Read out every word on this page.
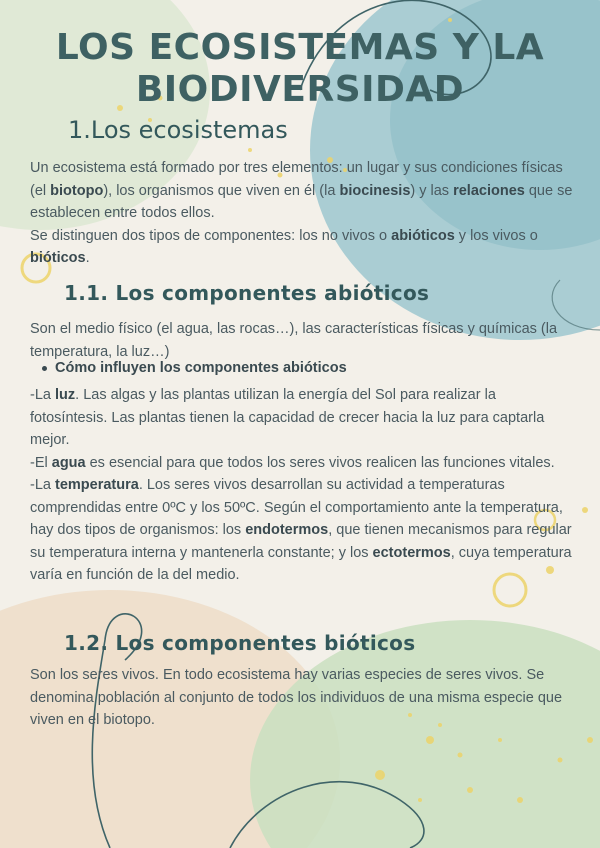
LOS ECOSISTEMAS Y LA
BIODIVERSIDAD
1.Los ecosistemas

Un ecosistema está formado por tres elementos: un lugar y sus condiciones físicas (el biotopo), los organismos que viven en él (la biocinesis) y las relaciones que se establecen entre todos ellos.

Se distinguen dos tipos de componentes: los no vivos o abióticos y los vivos o bióticos.

1.1. Los componentes abióticos
Son el medio físico (el agua, las rocas…), las características físicas y químicas (la temperatura, la luz…)
Cómo influyen los componentes abióticos

-La luz. Las algas y las plantas utilizan la energía del Sol para realizar la fotosíntesis. Las plantas tienen la capacidad de crecer hacia la luz para captarla mejor.

-El agua es esencial para que todos los seres vivos realicen las funciones vitales.

-La temperatura. Los seres vivos desarrollan su actividad a temperaturas comprendidas entre 0ºC y los 50ºC. Según el comportamiento ante la temperatura, hay dos tipos de organismos: los endotermos, que tienen mecanismos para regular su temperatura interna y mantenerla constante; y los ectotermos, cuya temperatura varía en función de la del medio.

1.2. Los componentes bióticos
Son los seres vivos. En todo ecosistema hay varias especies de seres vivos. Se denomina población al conjunto de todos los individuos de una misma especie que viven en el biotopo.
